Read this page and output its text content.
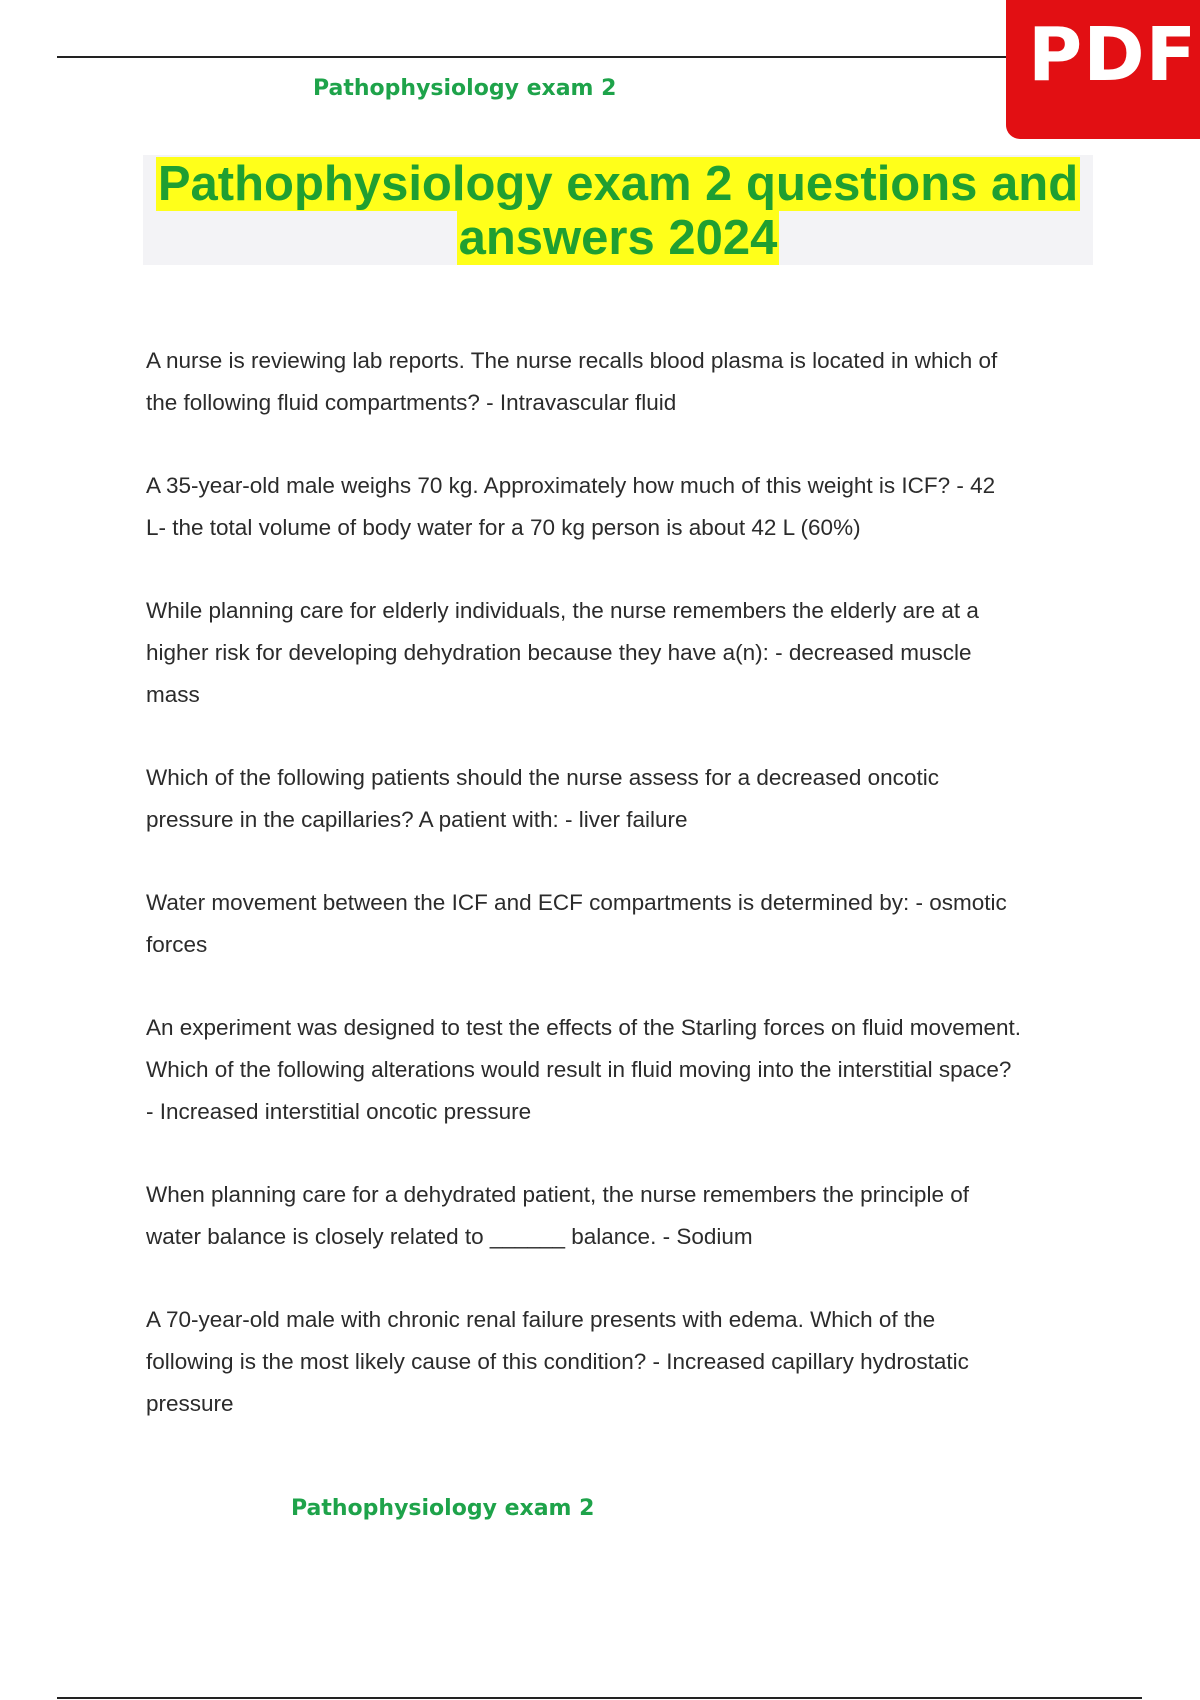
Pathophysiology exam 2	PDF
Pathophysiology exam 2 questions and
answers 2024

A nurse is reviewing lab reports. The nurse recalls blood plasma is located in which of
the following fluid compartments? - Intravascular fluid

A 35-year-old male weighs 70 kg. Approximately how much of this weight is ICF? - 42
L- the total volume of body water for a 70 kg person is about 42 L (60%)

While planning care for elderly individuals, the nurse remembers the elderly are at a
higher risk for developing dehydration because they have a(n): - decreased muscle
mass

Which of the following patients should the nurse assess for a decreased oncotic
pressure in the capillaries? A patient with: - liver failure

Water movement between the ICF and ECF compartments is determined by: - osmotic
forces

An experiment was designed to test the effects of the Starling forces on fluid movement.
Which of the following alterations would result in fluid moving into the interstitial space?
- Increased interstitial oncotic pressure

When planning care for a dehydrated patient, the nurse remembers the principle of
water balance is closely related to ______ balance. - Sodium

A 70-year-old male with chronic renal failure presents with edema. Which of the
following is the most likely cause of this condition? - Increased capillary hydrostatic
pressure

Pathophysiology exam 2
